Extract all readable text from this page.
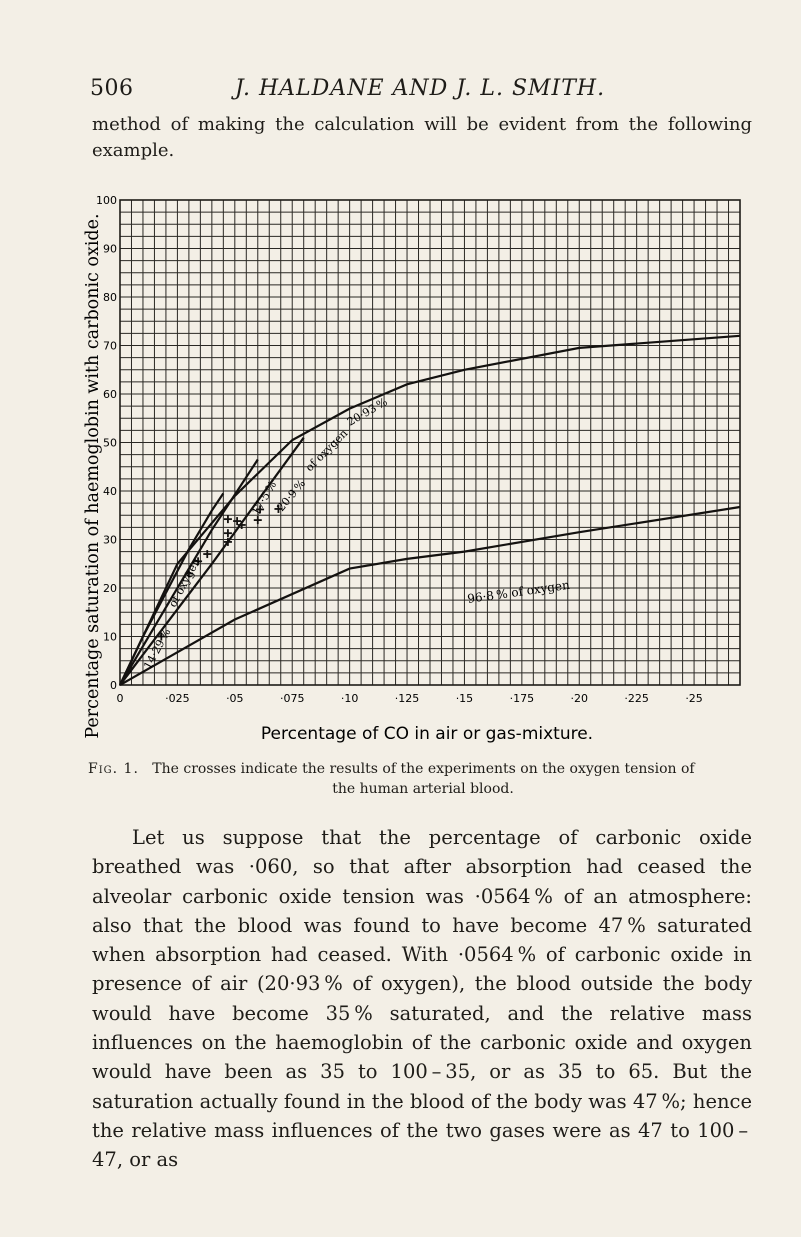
506	J. HALDANE AND J. L. SMITH.

method of making the calculation will be evident from the following example.

0
10
20
30
40
50
60
70
80
90
100
0	·025	·05	·075	·10	·125	·15	·175	·20	·225	·25
96·8 % of oxygen
20·93 %
of oxygen
17·5 %
14·29 %
of oxygen
20·9 %
Percentage saturation of haemoglobin with carbonic oxide.	Percentage of CO in air or gas-mixture.

Fig. 1. The crosses indicate the results of the experiments on the oxygen tension of

the human arterial blood.

Let us suppose that the percentage of carbonic oxide breathed was ·060, so that after absorption had ceased the alveolar carbonic oxide tension was ·0564 % of an atmosphere: also that the blood was found to have become 47 % saturated when absorption had ceased. With ·0564 % of carbonic oxide in presence of air (20·93 % of oxygen), the blood outside the body would have become 35 % saturated, and the relative mass influences on the haemoglobin of the carbonic oxide and oxygen would have been as 35 to 100 – 35, or as 35 to 65. But the saturation actually found in the blood of the body was 47 %; hence the relative mass influences of the two gases were as 47 to 100 – 47, or as
